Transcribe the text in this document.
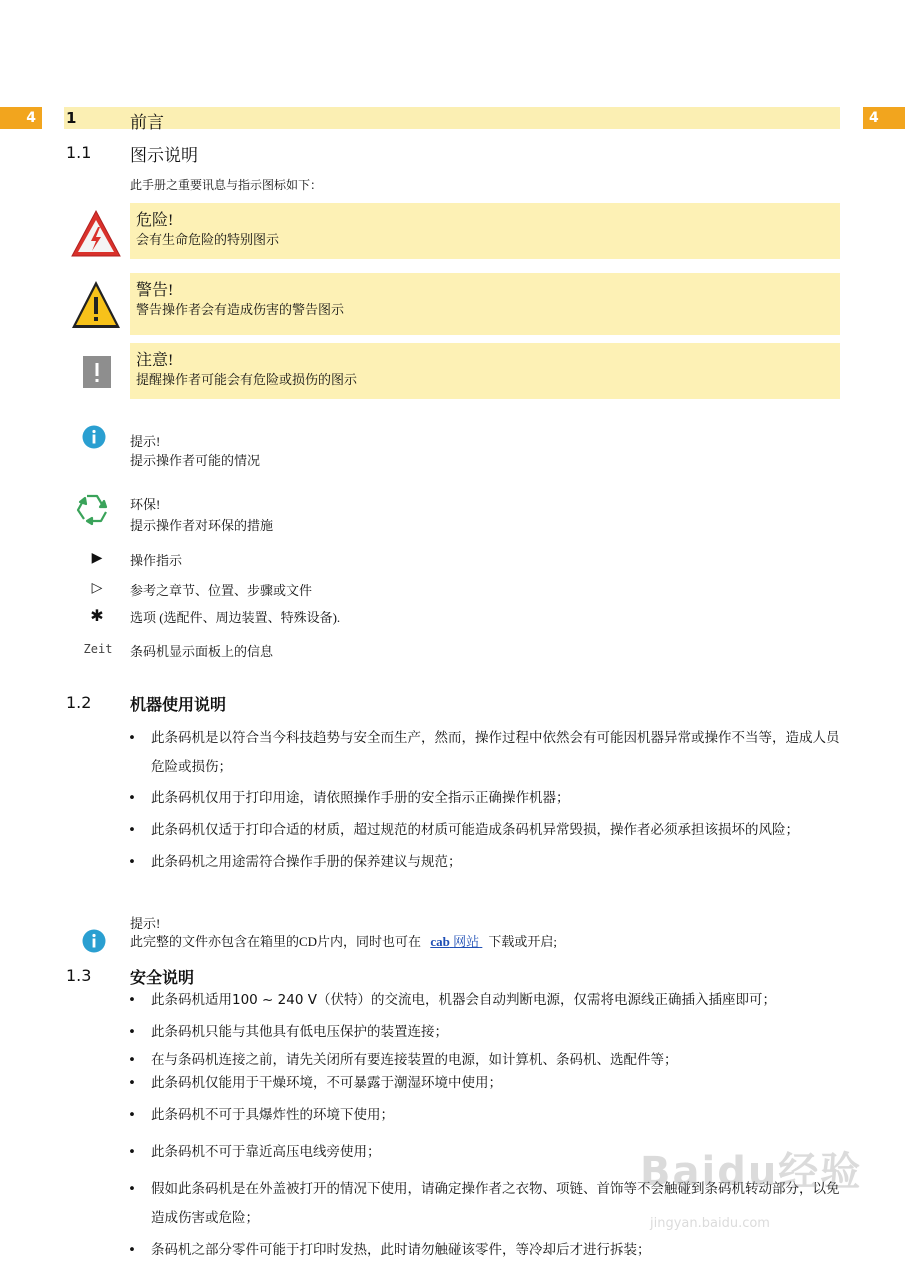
4	4
1	前言
1.1 图示说明
此手册之重要讯息与指示图标如下：
危险!
会有生命危险的特别图示
警告!
警告操作者会有造成伤害的警告图示
注意!
提醒操作者可能会有危险或损伤的图示
提示!
提示操作者可能的情况
环保!
提示操作者对环保的措施
▶	操作指示
▷	参考之章节、位置、步骤或文件
✱	选项 (选配件、周边装置、特殊设备).
Zeit	条码机显示面板上的信息
1.2 机器使用说明
• 此条码机是以符合当今科技趋势与安全而生产，然而，操作过程中依然会有可能因机器异常或操作不当等，造成人员危险或损伤；
• 此条码机仅用于打印用途，请依照操作手册的安全指示正确操作机器；
• 此条码机仅适于打印合适的材质，超过规范的材质可能造成条码机异常毁损，操作者必须承担该损坏的风险；
• 此条码机之用途需符合操作手册的保养建议与规范；
提示!
此完整的文件亦包含在箱里的CD片内，同时也可在 cab 网站 下载或开启;
1.3 安全说明
• 此条码机适用100 ~ 240 V（伏特）的交流电，机器会自动判断电源，仅需将电源线正确插入插座即可；
• 此条码机只能与其他具有低电压保护的装置连接；
• 在与条码机连接之前，请先关闭所有要连接装置的电源，如计算机、条码机、选配件等；
• 此条码机仅能用于干燥环境，不可暴露于潮湿环境中使用；
• 此条码机不可于具爆炸性的环境下使用；
• 此条码机不可于靠近高压电线旁使用；
• 假如此条码机是在外盖被打开的情况下使用，请确定操作者之衣物、项链、首饰等不会触碰到条码机转动部分，以免造成伤害或危险；
• 条码机之部分零件可能于打印时发热，此时请勿触碰该零件，等冷却后才进行拆装；
Baidu经验
jingyan.baidu.com
